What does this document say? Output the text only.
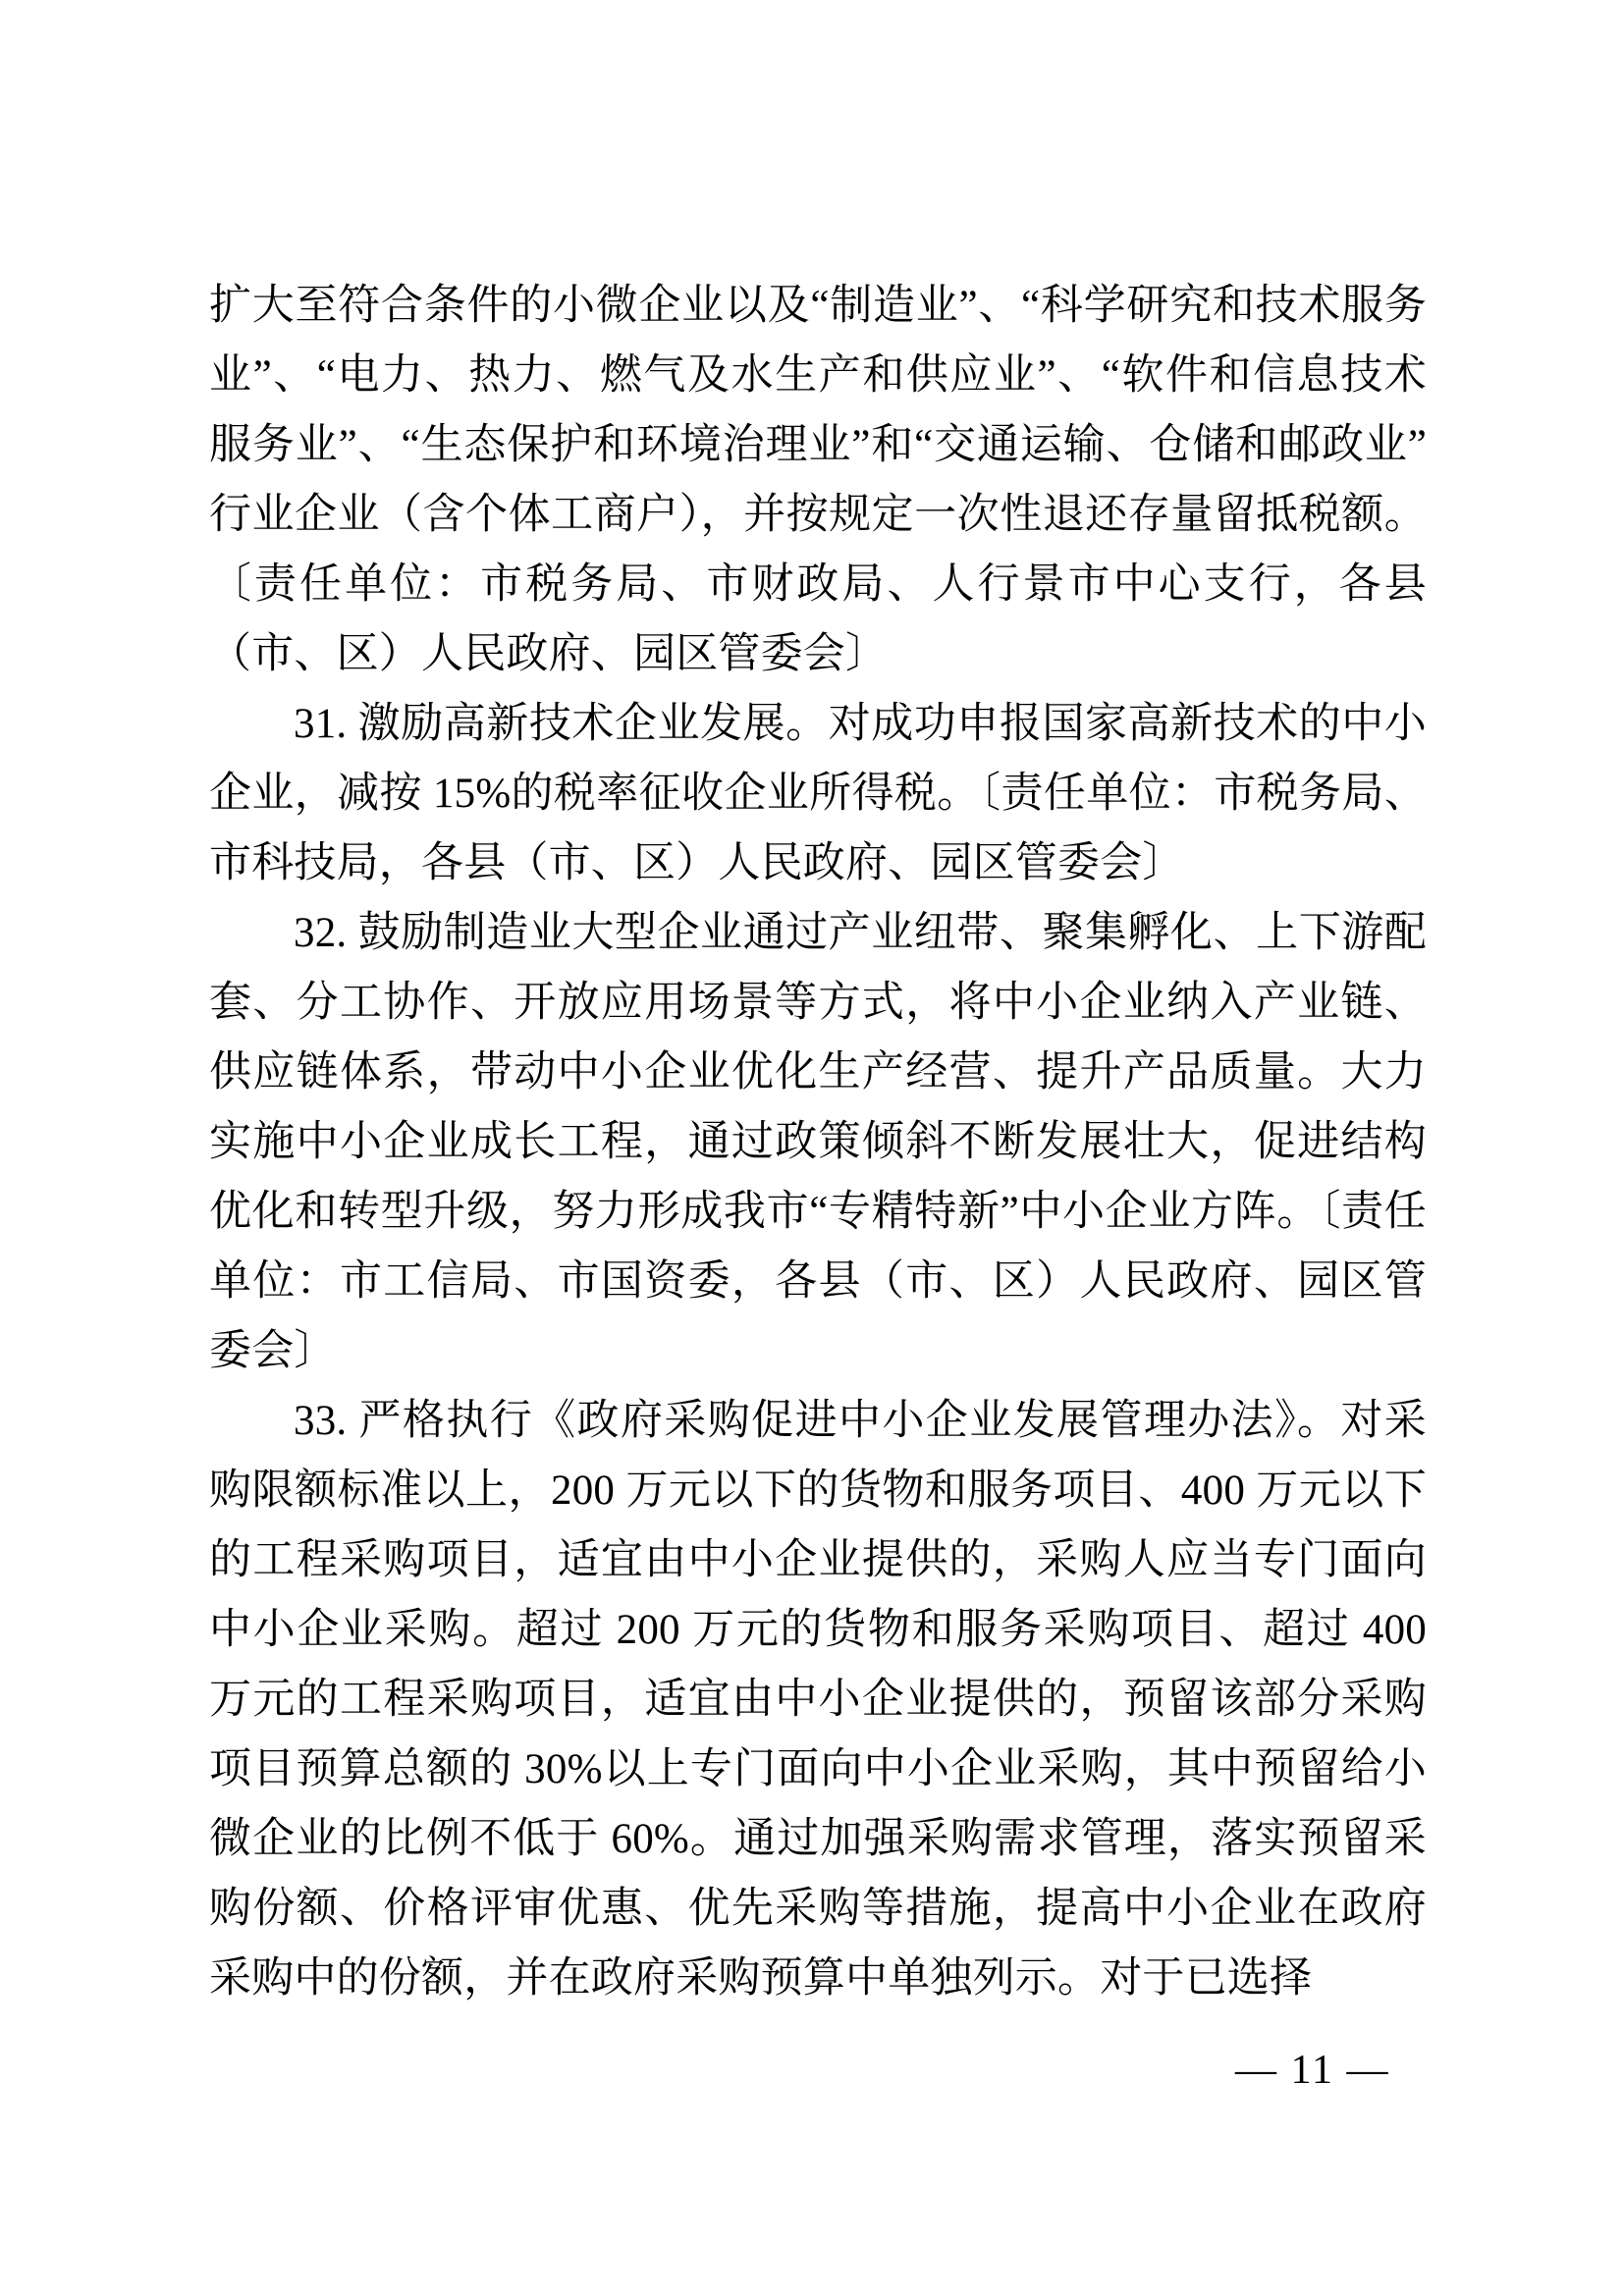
扩大至符合条件的小微企业以及“制造业”、“科学研究和技术服务业”、“电力、热力、燃气及水生产和供应业”、“软件和信息技术服务业”、“生态保护和环境治理业”和“交通运输、仓储和邮政业”行业企业（含个体工商户），并按规定一次性退还存量留抵税额。〔责任单位：市税务局、市财政局、人行景市中心支行，各县（市、区）人民政府、园区管委会〕

31. 激励高新技术企业发展。对成功申报国家高新技术的中小企业，减按 15%的税率征收企业所得税。〔责任单位：市税务局、市科技局，各县（市、区）人民政府、园区管委会〕

32. 鼓励制造业大型企业通过产业纽带、聚集孵化、上下游配套、分工协作、开放应用场景等方式，将中小企业纳入产业链、供应链体系，带动中小企业优化生产经营、提升产品质量。大力实施中小企业成长工程，通过政策倾斜不断发展壮大，促进结构优化和转型升级，努力形成我市“专精特新”中小企业方阵。〔责任单位：市工信局、市国资委，各县（市、区）人民政府、园区管委会〕

33. 严格执行《政府采购促进中小企业发展管理办法》。对采购限额标准以上，200 万元以下的货物和服务项目、400 万元以下的工程采购项目，适宜由中小企业提供的，采购人应当专门面向中小企业采购。超过 200 万元的货物和服务采购项目、超过 400 万元的工程采购项目，适宜由中小企业提供的，预留该部分采购项目预算总额的 30%以上专门面向中小企业采购，其中预留给小微企业的比例不低于 60%。通过加强采购需求管理，落实预留采购份额、价格评审优惠、优先采购等措施，提高中小企业在政府采购中的份额，并在政府采购预算中单独列示。对于已选择

— 11 —
